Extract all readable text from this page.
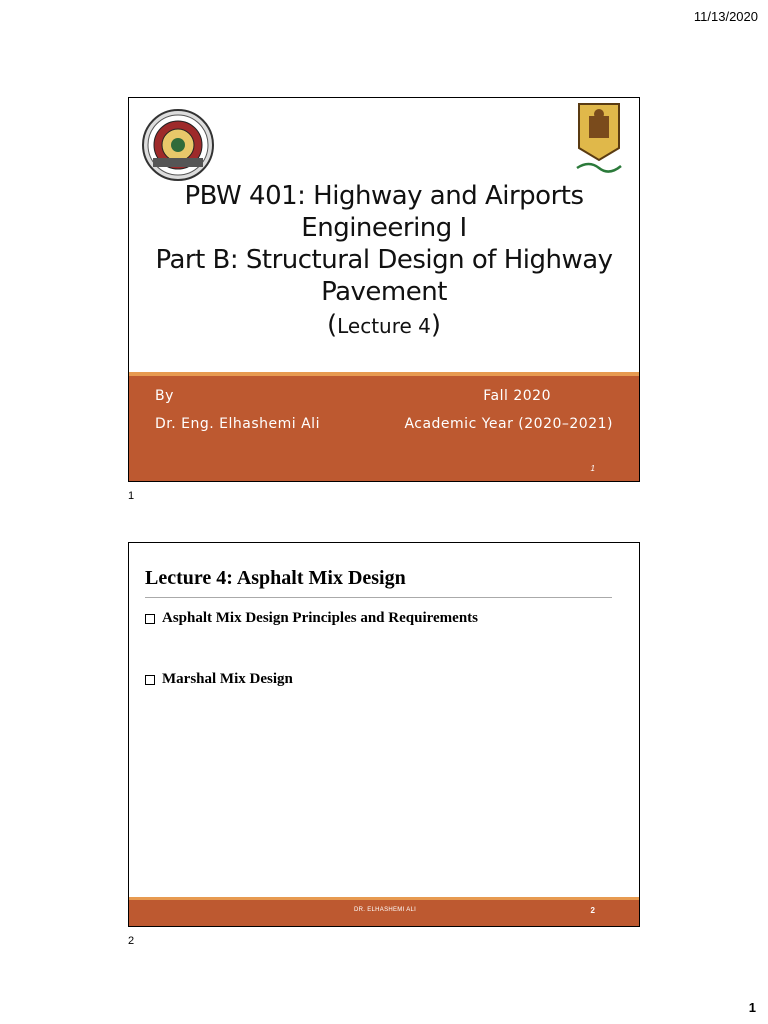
11/13/2020
PBW 401: Highway and Airports
Engineering I
Part B: Structural Design of Highway
Pavement
(Lecture 4)
By
Dr. Eng. Elhashemi Ali
Fall 2020
Academic Year (2020–2021)
1
1
Lecture 4: Asphalt Mix Design
Asphalt Mix Design Principles and Requirements
Marshal Mix Design
DR. ELHASHEMI ALI	2
2
1
